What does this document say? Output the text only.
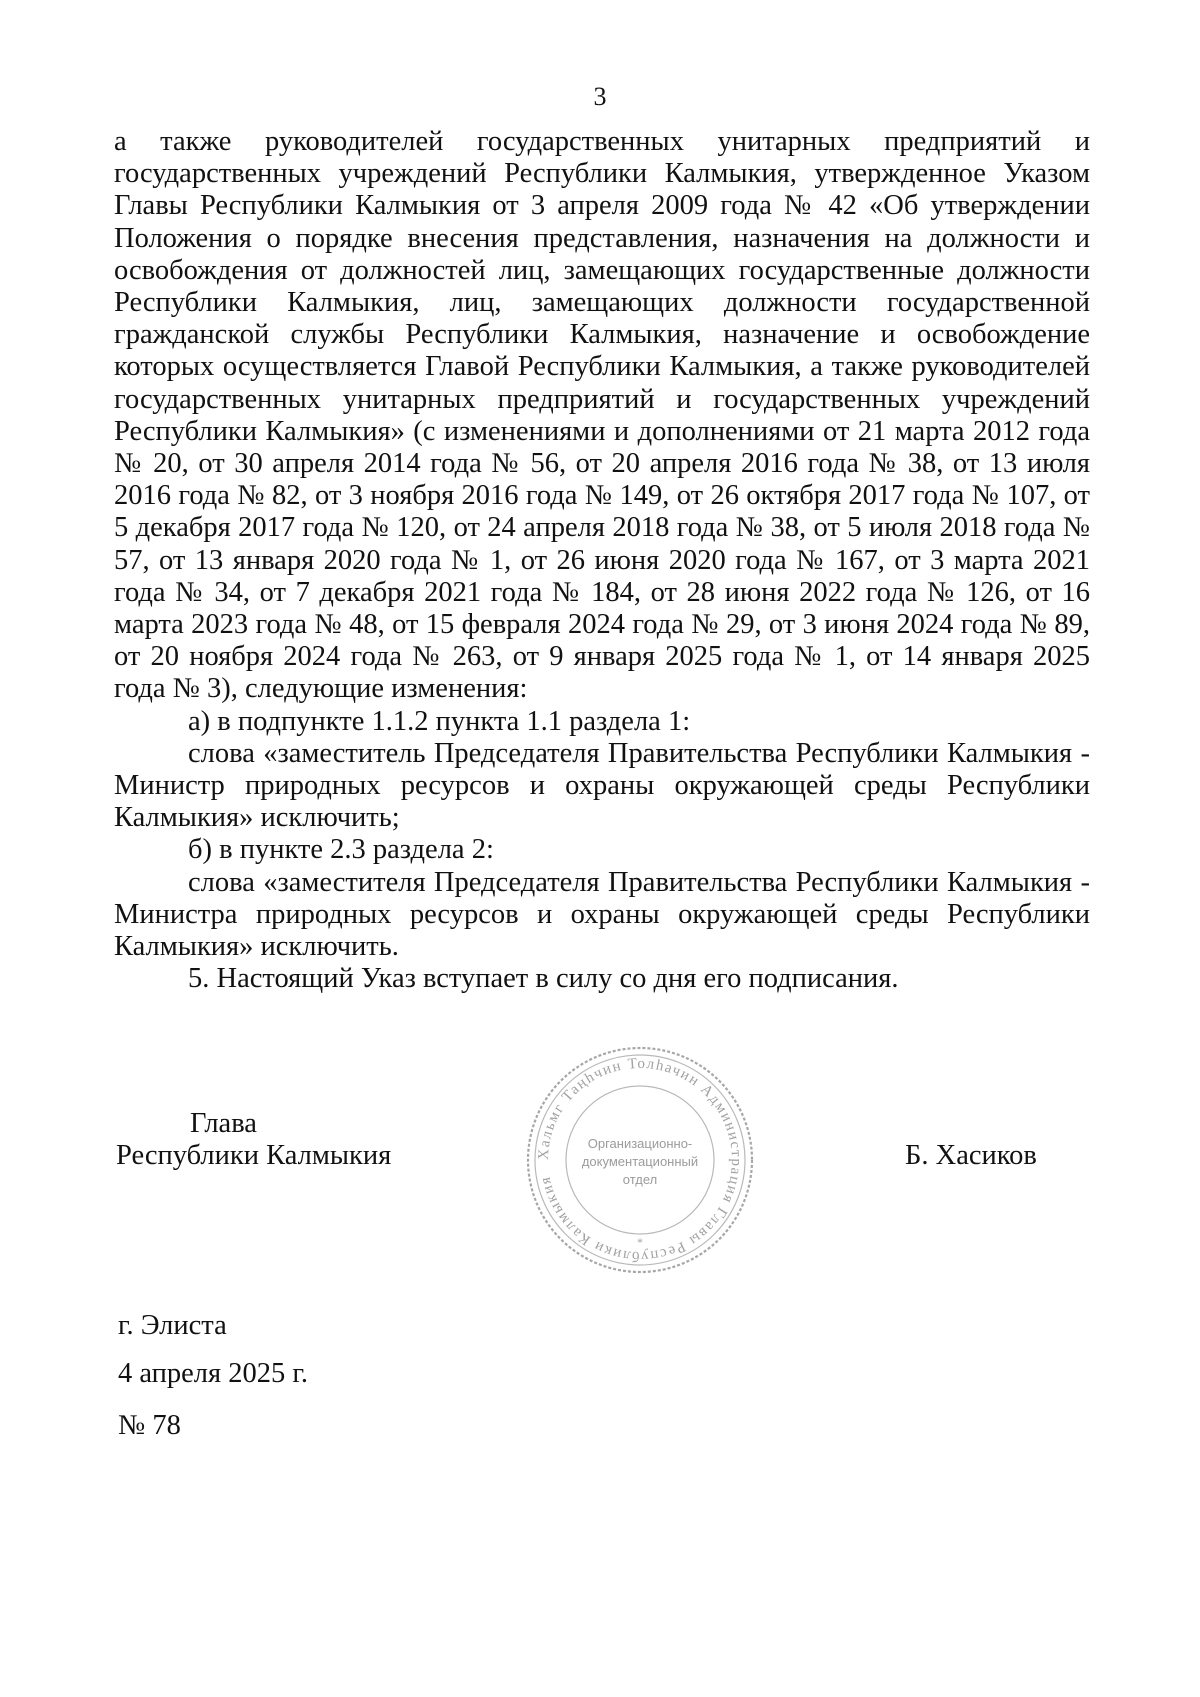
3

а также руководителей государственных унитарных предприятий и государственных учреждений Республики Калмыкия, утвержденное Указом Главы Республики Калмыкия от 3 апреля 2009 года № 42 «Об утверждении Положения о порядке внесения представления, назначения на должности и освобождения от должностей лиц, замещающих государственные должности Республики Калмыкия, лиц, замещающих должности государственной гражданской службы Республики Калмыкия, назначение и освобождение которых осуществляется Главой Республики Калмыкия, а также руководителей государственных унитарных предприятий и государственных учреждений Республики Калмыкия» (с изменениями и дополнениями от 21 марта 2012 года № 20, от 30 апреля 2014 года № 56, от 20 апреля 2016 года № 38, от 13 июля 2016 года № 82, от 3 ноября 2016 года № 149, от 26 октября 2017 года № 107, от 5 декабря 2017 года № 120, от 24 апреля 2018 года № 38, от 5 июля 2018 года № 57, от 13 января 2020 года № 1, от 26 июня 2020 года № 167, от 3 марта 2021 года № 34, от 7 декабря 2021 года № 184, от 28 июня 2022 года № 126, от 16 марта 2023 года № 48, от 15 февраля 2024 года № 29, от 3 июня 2024 года № 89, от 20 ноября 2024 года № 263, от 9 января 2025 года № 1, от 14 января 2025 года № 3), следующие изменения:

а) в подпункте 1.1.2 пункта 1.1 раздела 1:

слова «заместитель Председателя Правительства Республики Калмыкия - Министр природных ресурсов и охраны окружающей среды Республики Калмыкия» исключить;

б) в пункте 2.3 раздела 2:

слова «заместителя Председателя Правительства Республики Калмыкия - Министра природных ресурсов и охраны окружающей среды Республики Калмыкия» исключить.

5. Настоящий Указ вступает в силу со дня его подписания.

Глава
Республики Калмыкия	Б. Хасиков
Хальмг Таңһчин Толһачин Администрация Главы Республики Калмыкия
Организационно-
документационный
отдел
*
г. Элиста
4 апреля 2025 г.
№ 78
